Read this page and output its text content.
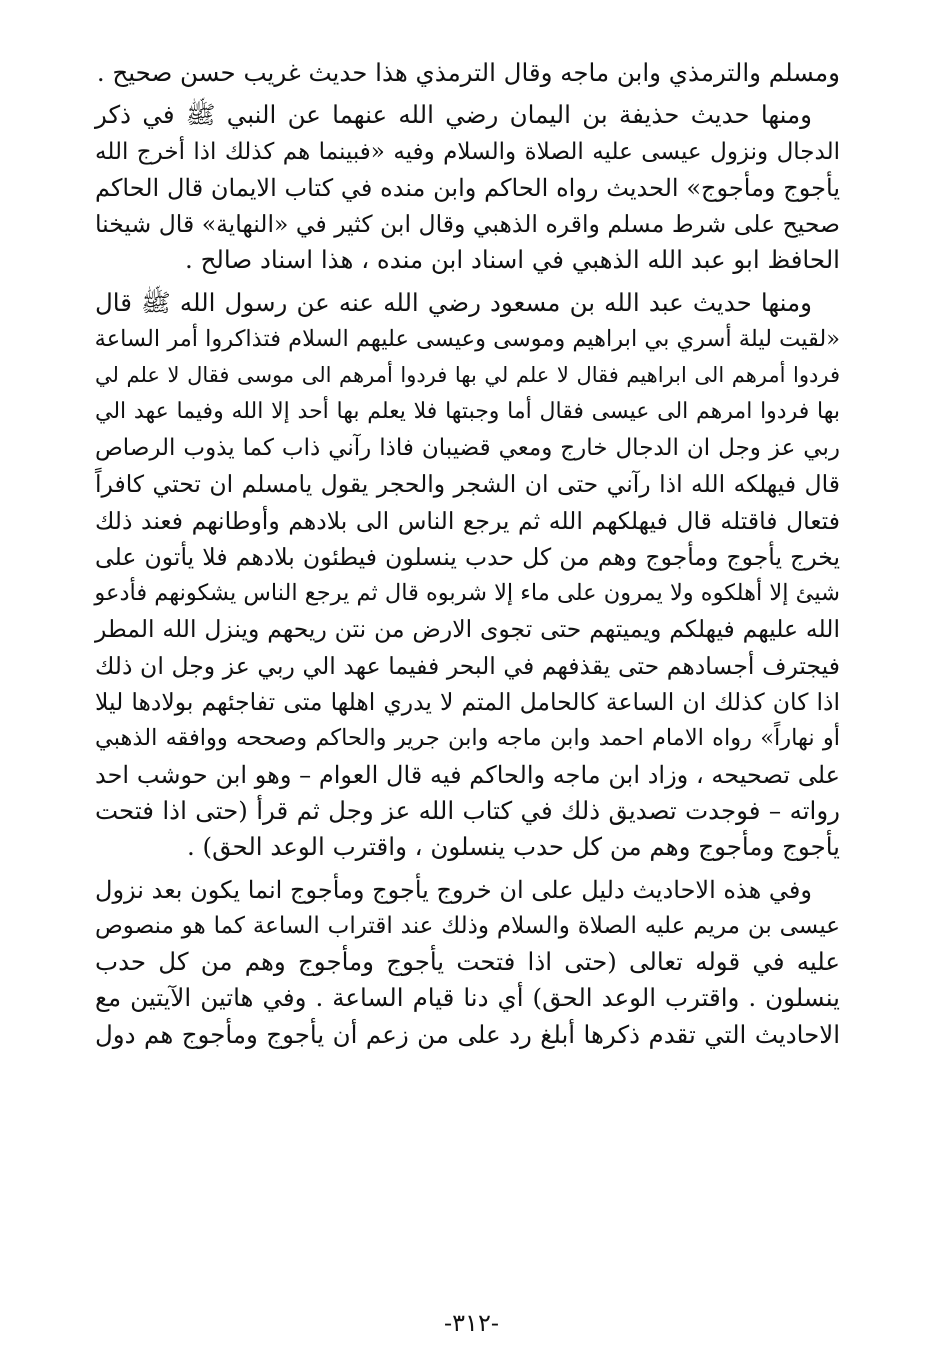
ومسلم والترمذي وابن ماجه وقال الترمذي هذا حديث غريب حسن صحيح .

ومنها حديث حذيفة بن اليمان رضي الله عنهما عن النبي ﷺ في ذكر
الدجال ونزول عيسى عليه الصلاة والسلام وفيه «فبينما هم كذلك اذا أخرج الله
يأجوج ومأجوج» الحديث رواه الحاكم وابن منده في كتاب الايمان قال الحاكم
صحيح على شرط مسلم واقره الذهبي وقال ابن كثير في «النهاية» قال شيخنا
الحافظ ابو عبد الله الذهبي في اسناد ابن منده ، هذا اسناد صالح .

ومنها حديث عبد الله بن مسعود رضي الله عنه عن رسول الله ﷺ قال
«لقيت ليلة أسري بي ابراهيم وموسى وعيسى عليهم السلام فتذاكروا أمر الساعة
فردوا أمرهم الى ابراهيم فقال لا علم لي بها فردوا أمرهم الى موسى فقال لا علم لي
بها فردوا امرهم الى عيسى فقال أما وجبتها فلا يعلم بها أحد إلا الله وفيما عهد الي
ربي عز وجل ان الدجال خارج ومعي قضيبان فاذا رآني ذاب كما يذوب الرصاص
قال فيهلكه الله اذا رآني حتى ان الشجر والحجر يقول يامسلم ان تحتي كافراً
فتعال فاقتله قال فيهلكهم الله ثم يرجع الناس الى بلادهم وأوطانهم فعند ذلك
يخرج يأجوج ومأجوج وهم من كل حدب ينسلون فيطئون بلادهم فلا يأتون على
شيئ إلا أهلكوه ولا يمرون على ماء إلا شربوه قال ثم يرجع الناس يشكونهم فأدعو
الله عليهم فيهلكم ويميتهم حتى تجوى الارض من نتن ريحهم وينزل الله المطر
فيجترف أجسادهم حتى يقذفهم في البحر ففيما عهد الي ربي عز وجل ان ذلك
اذا كان كذلك ان الساعة كالحامل المتم لا يدري اهلها متى تفاجئهم بولادها ليلا
أو نهاراً» رواه الامام احمد وابن ماجه وابن جرير والحاكم وصححه ووافقه الذهبي
على تصحيحه ، وزاد ابن ماجه والحاكم فيه قال العوام – وهو ابن حوشب احد
رواته – فوجدت تصديق ذلك في كتاب الله عز وجل ثم قرأ (حتى اذا فتحت
يأجوج ومأجوج وهم من كل حدب ينسلون ، واقترب الوعد الحق) .

وفي هذه الاحاديث دليل على ان خروج يأجوج ومأجوج انما يكون بعد نزول
عيسى بن مريم عليه الصلاة والسلام وذلك عند اقتراب الساعة كما هو منصوص
عليه في قوله تعالى (حتى اذا فتحت يأجوج ومأجوج وهم من كل حدب
ينسلون . واقترب الوعد الحق) أي دنا قيام الساعة . وفي هاتين الآيتين مع
الاحاديث التي تقدم ذكرها أبلغ رد على من زعم أن يأجوج ومأجوج هم دول

-٣١٢-
